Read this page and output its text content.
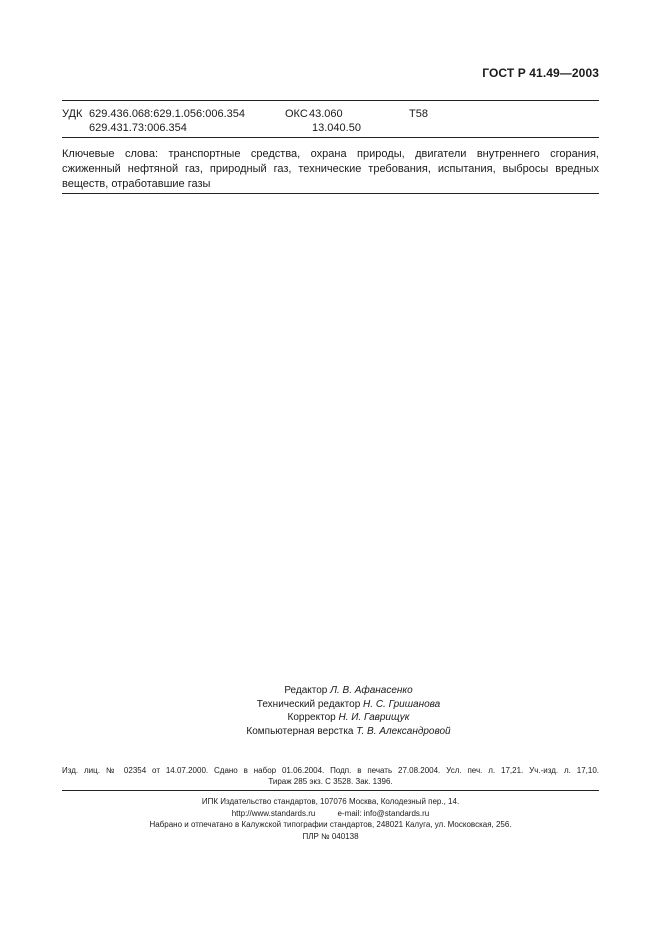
ГОСТ Р 41.49—2003
УДК 629.436.068:629.1.056:006.354
629.431.73:006.354
ОКС 43.060
13.040.50
Т58
Ключевые слова: транспортные средства, охрана природы, двигатели внутреннего сгорания, сжиженный нефтяной газ, природный газ, технические требования, испытания, выбросы вредных веществ, отработавшие газы
Редактор Л. В. Афанасенко
Технический редактор Н. С. Гришанова
Корректор Н. И. Гаврищук
Компьютерная верстка Т. В. Александровой
Изд. лиц. № 02354 от 14.07.2000. Сдано в набор 01.06.2004. Подп. в печать 27.08.2004. Усл. печ. л. 17,21. Уч.-изд. л. 17,10.
Тираж 285 экз. С 3528. Зак. 1396.
ИПК Издательство стандартов, 107076 Москва, Колодезный пер., 14.
http://www.standards.ru          e-mail: info@standards.ru
Набрано и отпечатано в Калужской типографии стандартов, 248021 Калуга, ул. Московская, 256.
ПЛР № 040138
